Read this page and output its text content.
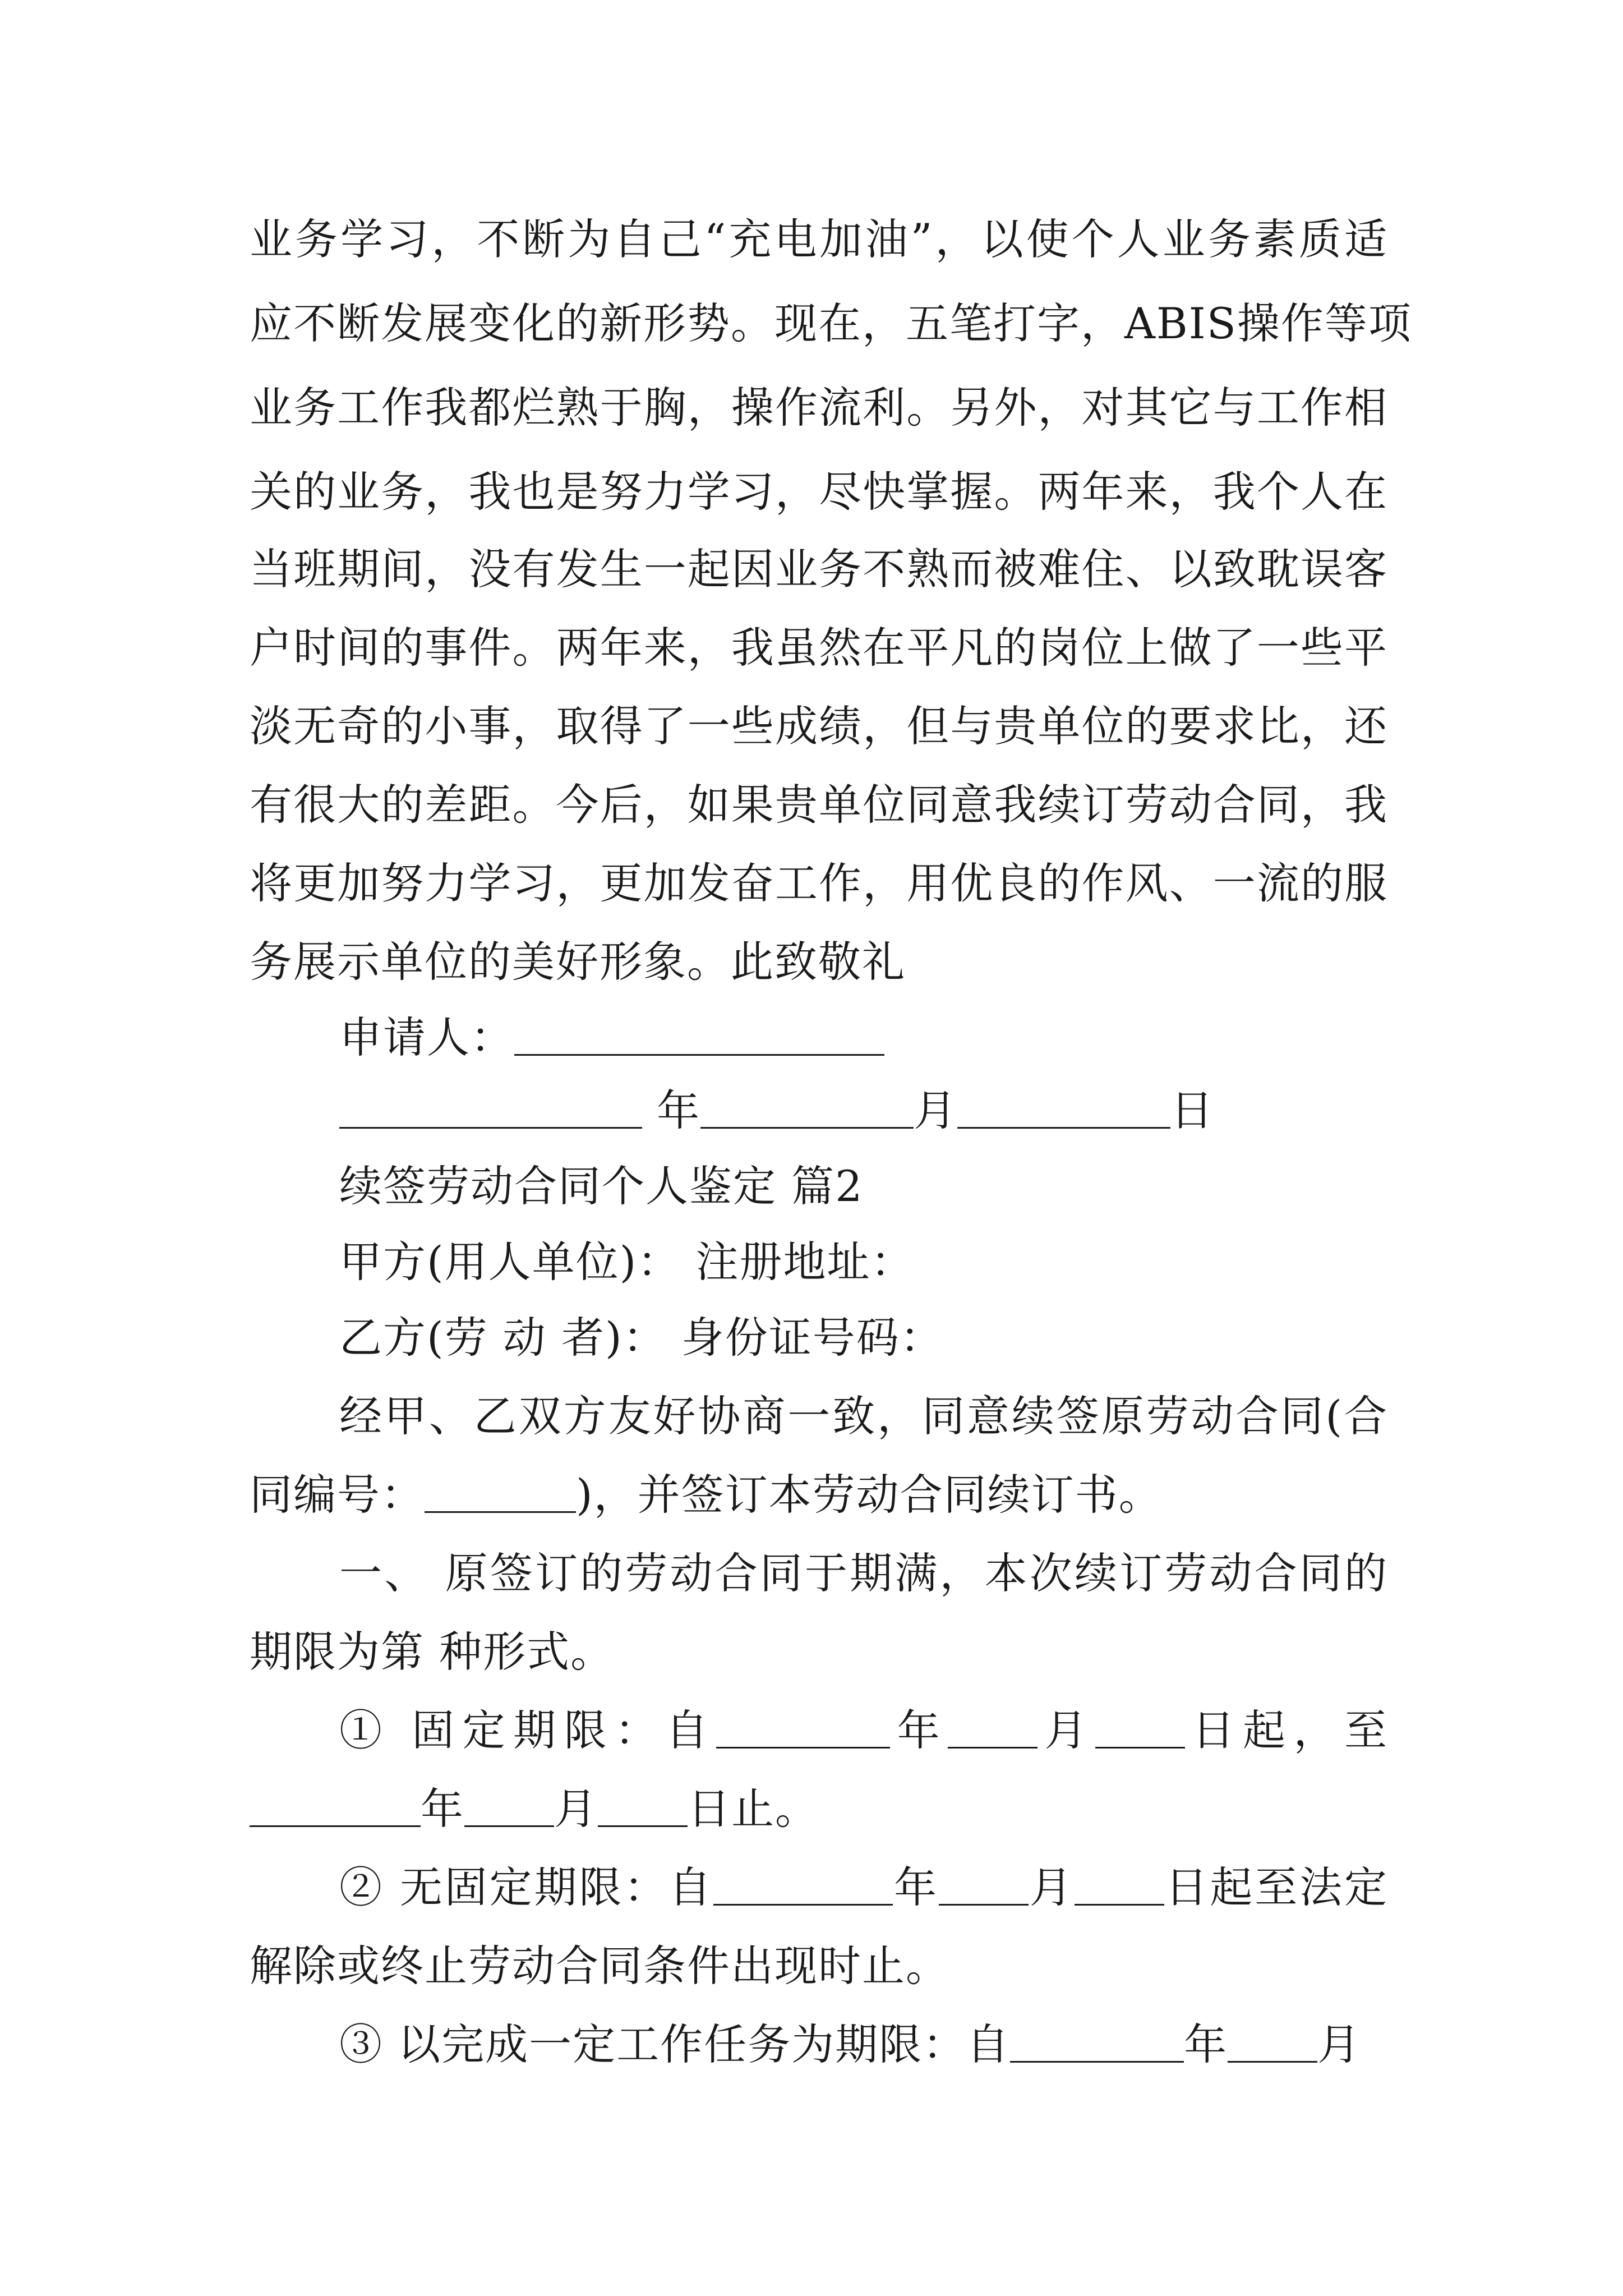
业务学习，不断为自己“充电加油”，以使个人业务素质适
应不断发展变化的新形势。现在，五笔打字，ABIS操作等项
业务工作我都烂熟于胸，操作流利。另外，对其它与工作相
关的业务，我也是努力学习，尽快掌握。两年来，我个人在
当班期间，没有发生一起因业务不熟而被难住、以致耽误客
户时间的事件。两年来，我虽然在平凡的岗位上做了一些平
淡无奇的小事，取得了一些成绩，但与贵单位的要求比，还
有很大的差距。今后，如果贵单位同意我续订劳动合同，我
将更加努力学习，更加发奋工作，用优良的作风、一流的服
务展示单位的美好形象。此致敬礼
申请人：
年	月	日
续签劳动合同个人鉴定 篇2
甲方(用人单位)： 注册地址：
乙方(劳 动 者)： 身份证号码：
经甲、乙双方友好协商一致，同意续签原劳动合同(合
同编号：	)，并签订本劳动合同续订书。
一、 原签订的劳动合同于期满，本次续订劳动合同的
期限为第 种形式。
① 固定期限：自	年 月 日起，至
年 月 日止。
② 无固定期限：自	年 月 日起至法定
解除或终止劳动合同条件出现时止。
③ 以完成一定工作任务为期限：自	年 月
